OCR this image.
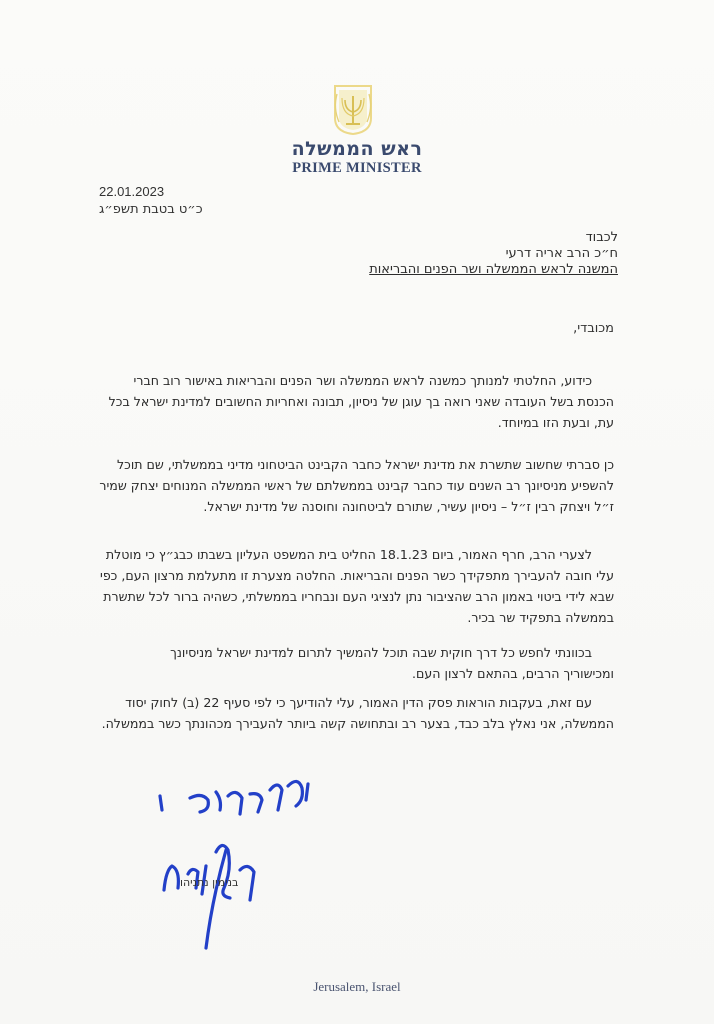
ראש הממשלה
PRIME MINISTER
22.01.2023
כ״ט בטבת תשפ״ג
לכבוד
ח״כ הרב אריה דרעי
המשנה לראש הממשלה ושר הפנים והבריאות
מכובדי,
כידוע, החלטתי למנותך כמשנה לראש הממשלה ושר הפנים והבריאות באישור רוב חברי
הכנסת בשל העובדה שאני רואה בך עוגן של ניסיון, תבונה ואחריות החשובים למדינת ישראל בכל
עת, ובעת הזו במיוחד.
כן סברתי שחשוב שתשרת את מדינת ישראל כחבר הקבינט הביטחוני מדיני בממשלתי, שם תוכל
להשפיע מניסיונך רב השנים עוד כחבר קבינט בממשלתם של ראשי הממשלה המנוחים יצחק שמיר
ז״ל ויצחק רבין ז״ל – ניסיון עשיר, שתורם לביטחונה וחוסנה של מדינת ישראל.
לצערי הרב, חרף האמור, ביום 18.1.23 החליט בית המשפט העליון בשבתו כבג״ץ כי מוטלת
עלי חובה להעבירך מתפקידך כשר הפנים והבריאות. החלטה מצערת זו מתעלמת מרצון העם, כפי
שבא לידי ביטוי באמון הרב שהציבור נתן לנציגי העם ונבחריו בממשלתי, כשהיה ברור לכל שתשרת
בממשלה בתפקיד שר בכיר.
בכוונתי לחפש כל דרך חוקית שבה תוכל להמשיך לתרום למדינת ישראל מניסיונך
ומכישוריך הרבים, בהתאם לרצון העם.
עם זאת, בעקבות הוראות פסק הדין האמור, עלי להודיעך כי לפי סעיף 22 (ב) לחוק יסוד
הממשלה, אני נאלץ בלב כבד, בצער רב ובתחושה קשה ביותר להעבירך מכהונתך כשר בממשלה.
בנימין נתניהו
Jerusalem, Israel
